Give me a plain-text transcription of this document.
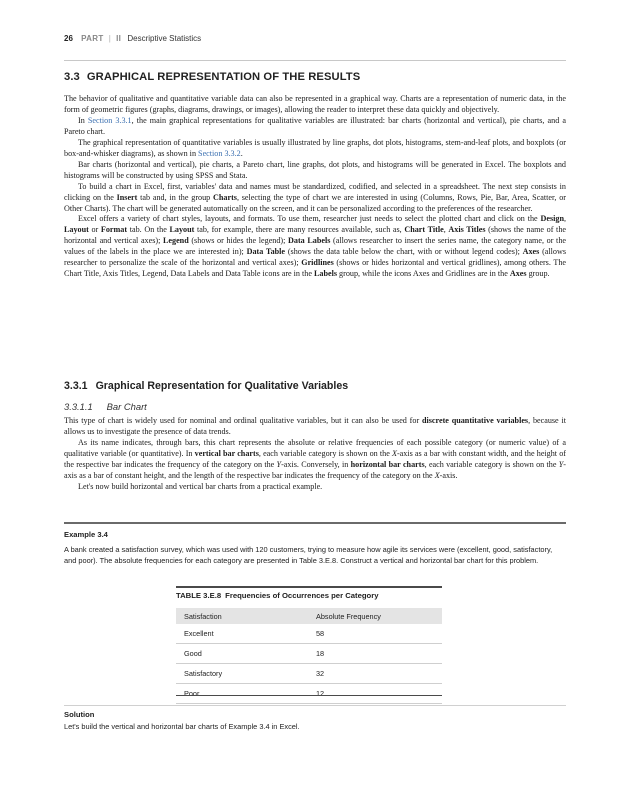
26 PART | II Descriptive Statistics
3.3 GRAPHICAL REPRESENTATION OF THE RESULTS

The behavior of qualitative and quantitative variable data can also be represented in a graphical way. Charts are a representation of numeric data, in the form of geometric figures (graphs, diagrams, drawings, or images), allowing the reader to interpret these data quickly and objectively.

In Section 3.3.1, the main graphical representations for qualitative variables are illustrated: bar charts (horizontal and vertical), pie charts, and a Pareto chart.

The graphical representation of quantitative variables is usually illustrated by line graphs, dot plots, histograms, stem-and-leaf plots, and boxplots (or box-and-whisker diagrams), as shown in Section 3.3.2.

Bar charts (horizontal and vertical), pie charts, a Pareto chart, line graphs, dot plots, and histograms will be generated in Excel. The boxplots and histograms will be constructed by using SPSS and Stata.

To build a chart in Excel, first, variables' data and names must be standardized, codified, and selected in a spreadsheet. The next step consists in clicking on the Insert tab and, in the group Charts, selecting the type of chart we are interested in using (Columns, Rows, Pie, Bar, Area, Scatter, or Other Charts). The chart will be generated automatically on the screen, and it can be personalized according to the preferences of the researcher.

Excel offers a variety of chart styles, layouts, and formats. To use them, researcher just needs to select the plotted chart and click on the Design, Layout or Format tab. On the Layout tab, for example, there are many resources available, such as, Chart Title, Axis Titles (shows the name of the horizontal and vertical axes); Legend (shows or hides the legend); Data Labels (allows researcher to insert the series name, the category name, or the values of the labels in the place we are interested in); Data Table (shows the data table below the chart, with or without legend codes); Axes (allows researcher to personalize the scale of the horizontal and vertical axes); Gridlines (shows or hides horizontal and vertical gridlines), among others. The Chart Title, Axis Titles, Legend, Data Labels and Data Table icons are in the Labels group, while the icons Axes and Gridlines are in the Axes group.

3.3.1 Graphical Representation for Qualitative Variables
3.3.1.1 Bar Chart

This type of chart is widely used for nominal and ordinal qualitative variables, but it can also be used for discrete quantitative variables, because it allows us to investigate the presence of data trends.

As its name indicates, through bars, this chart represents the absolute or relative frequencies of each possible category (or numeric value) of a qualitative variable (or quantitative). In vertical bar charts, each variable category is shown on the X-axis as a bar with constant width, and the height of the respective bar indicates the frequency of the category on the Y-axis. Conversely, in horizontal bar charts, each variable category is shown on the Y-axis as a bar of constant height, and the length of the respective bar indicates the frequency of the category on the X-axis.

Let's now build horizontal and vertical bar charts from a practical example.

Example 3.4
A bank created a satisfaction survey, which was used with 120 customers, trying to measure how agile its services were (excellent, good, satisfactory, and poor). The absolute frequencies for each category are presented in Table 3.E.8. Construct a vertical and horizontal bar chart for this problem.
TABLE 3.E.8 Frequencies of Occurrences per Category
Satisfaction	Absolute Frequency
Excellent	58
Good	18
Satisfactory	32
Poor	12
Solution
Let's build the vertical and horizontal bar charts of Example 3.4 in Excel.
